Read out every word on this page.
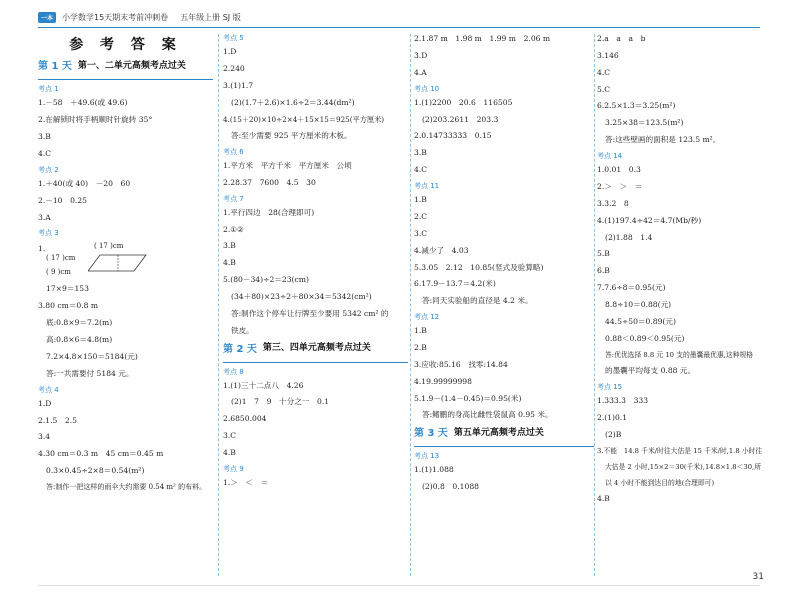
一本	小学数学15天期末考前冲刺卷 五年级上册 SJ 版
参 考 答 案
第 1 天 第一、二单元高频考点过关
考点 1
1.－58　＋49.6(或 49.6)
2.在解锁时将手柄顺时针旋转 35°
3.B
4.C
考点 2
1.＋40(或 40)　－20　60
2.－10　0.25
3.A
考点 3
1.	( 17 )cm
( 17 )cm
( 9 )cm
17×9＝153
3.80 cm＝0.8 m
底:0.8×9＝7.2(m)
高:0.8×6＝4.8(m)
7.2×4.8×150＝5184(元)
答:一共需要付 5184 元。
考点 4
1.D
2.1.5　2.5
3.4
4.30 cm＝0.3 m　45 cm＝0.45 m
0.3×0.45÷2×8＝0.54(m²)
答:制作一把这样的雨伞大约需要 0.54 m² 的布料。
考点 5
1.D
2.240
3.(1)1.7
(2)(1.7＋2.6)×1.6÷2＝3.44(dm²)
4.(15＋20)×10÷2×4＋15×15＝925(平方厘米)
答:至少需要 925 平方厘米的木板。
考点 6
1.平方米　平方千米　平方厘米　公顷
2.28.37　7600　4.5　30
考点 7
1.平行四边　28(合理即可)
2.①②
3.B
4.B
5.(80－34)÷2＝23(cm)
(34＋80)×23÷2＋80×34＝5342(cm²)
答:制作这个停车让行牌至少要用 5342 cm² 的
铁皮。
第 2 天 第三、四单元高频考点过关
考点 8
1.(1)三十二点八　4.26
(2)1　7　9　十分之一　0.1
2.6850.004
3.C
4.B
考点 9
1.＞　＜　＝
2.1.87 m　1.98 m　1.99 m　2.06 m
3.D
4.A
考点 10
1.(1)2200　20.6　116505
(2)203.2611　203.3
2.0.14733333　0.15
3.B
4.C
考点 11
1.B
2.C
3.C
4.减少了　4.03
5.3.05　2.12　10.85(竖式及验算略)
6.17.9－13.7＝4.2(米)
答:同天实验船的直径是 4.2 米。
考点 12
1.B
2.B
3.应收:85.16　找零:14.84
4.19.99999998
5.1.9－(1.4－0.45)＝0.95(米)
答:鳍鹏的身高比雌性袋鼠高 0.95 米。
第 3 天 第五单元高频考点过关
考点 13
1.(1)1.088
(2)0.8　0.1088
2.a　a　a　b
3.146
4.C
5.C
6.2.5×1.3＝3.25(m²)
3.25×38＝123.5(m²)
答:这些壁画的面积是 123.5 m²。
考点 14
1.0.01　0.3
2.＞　＞　＝
3.3.2　8
4.(1)197.4÷42＝4.7(Mb/秒)
(2)1.88　1.4
5.B
6.B
7.7.6÷8＝0.95(元)
8.8÷10＝0.88(元)
44.5÷50＝0.89(元)
0.88＜0.89＜0.95(元)
答:优优选择 8.8 元 10 支的墨囊最优惠,这种规格
的墨囊平均每支 0.88 元。
考点 15
1.333.3　333
2.(1)0.1
(2)B
3.不能　14.8 千米/时往大估是 15 千米/时,1.8 小时往
大估是 2 小时,15×2＝30(千米),14.8×1.8＜30,所
以 4 小时不能到达目的地(合理即可)
4.B
31
